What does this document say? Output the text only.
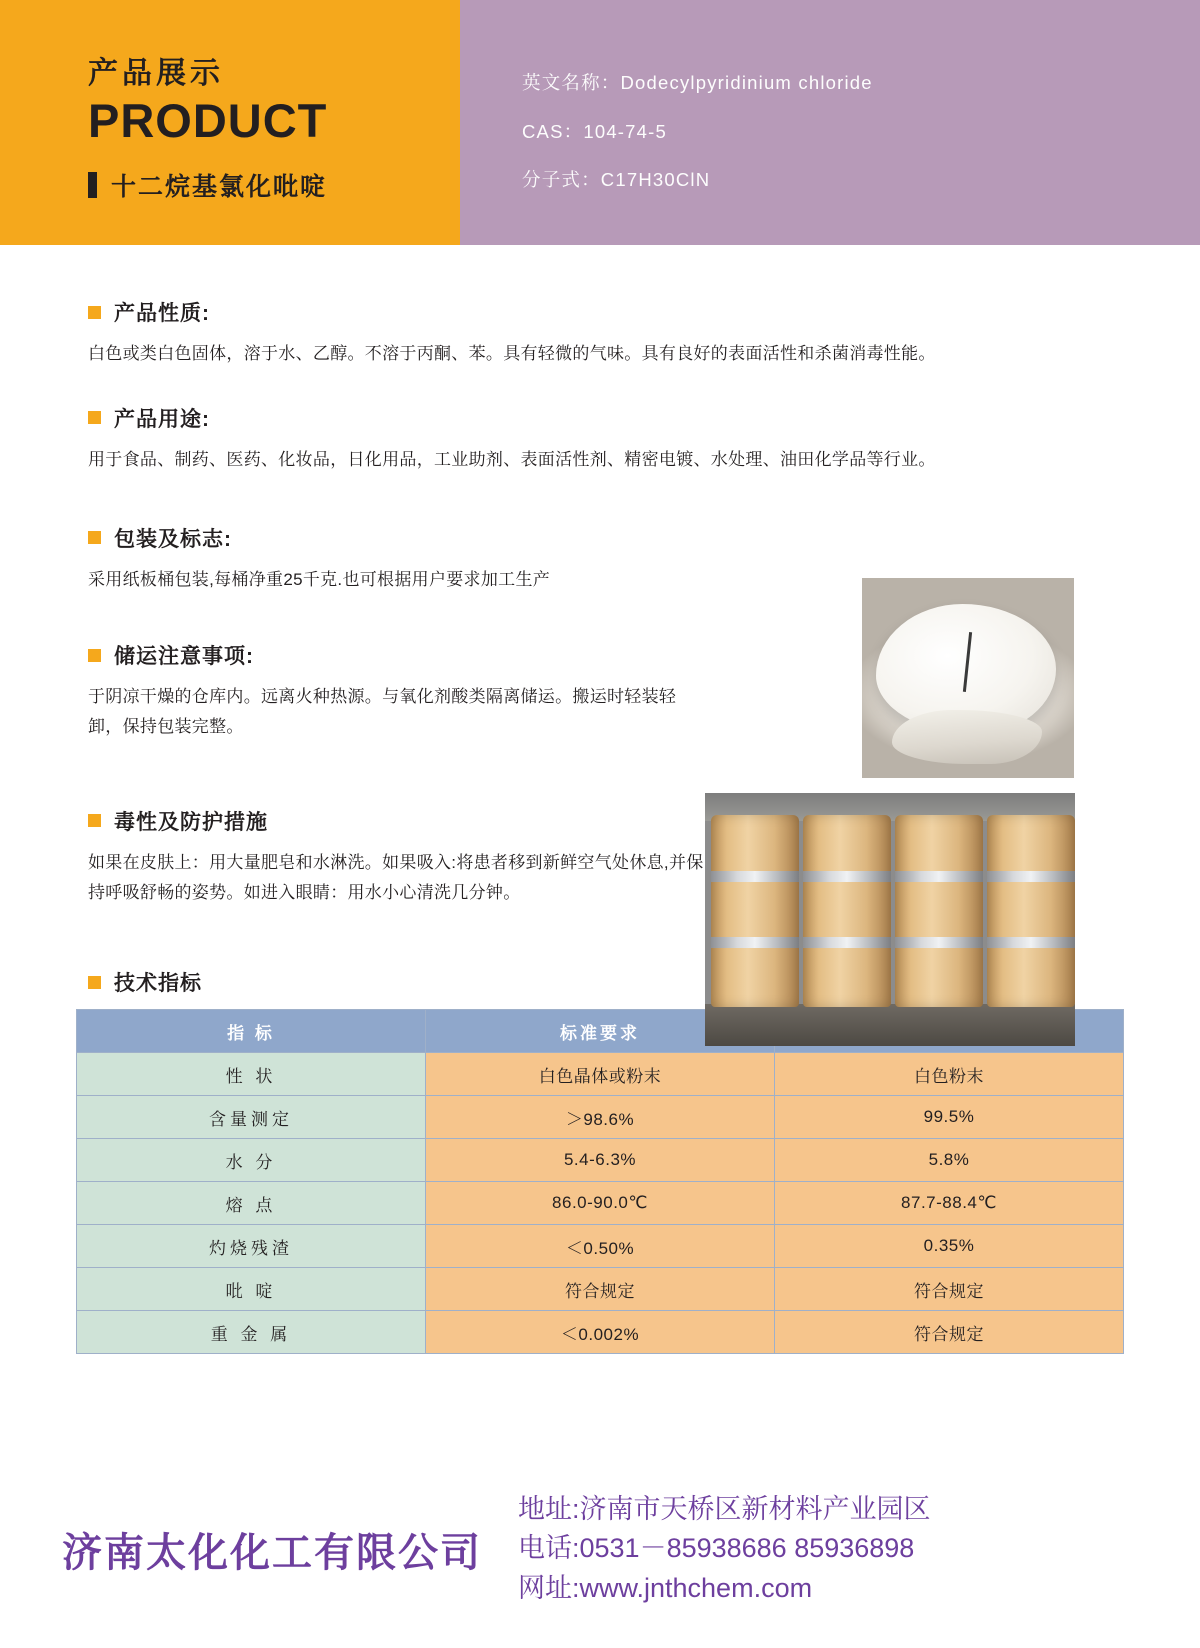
产品展示
PRODUCT
十二烷基氯化吡啶
英文名称：Dodecylpyridinium chloride
CAS：104-74-5
分子式：C17H30ClN
产品性质:
白色或类白色固体，溶于水、乙醇。不溶于丙酮、苯。具有轻微的气味。具有良好的表面活性和杀菌消毒性能。
产品用途:
用于食品、制药、医药、化妆品，日化用品，工业助剂、表面活性剂、精密电镀、水处理、油田化学品等行业。
包装及标志:
采用纸板桶包装,每桶净重25千克.也可根据用户要求加工生产
储运注意事项:
于阴凉干燥的仓库内。远离火种热源。与氧化剂酸类隔离储运。搬运时轻装轻卸，保持包装完整。
毒性及防护措施
如果在皮肤上：用大量肥皂和水淋洗。如果吸入:将患者移到新鲜空气处休息,并保持呼吸舒畅的姿势。如进入眼睛：用水小心清洗几分钟。
技术指标
指 标	标准要求	
性 状	白色晶体或粉末	白色粉末
含量测定	＞98.6%	99.5%
水 分	5.4-6.3%	5.8%
熔 点	86.0-90.0℃	87.7-88.4℃
灼烧残渣	＜0.50%	0.35%
吡 啶	符合规定	符合规定
重 金 属	＜0.002%	符合规定
济南太化化工有限公司
地址:济南市天桥区新材料产业园区
电话:0531－85938686 85936898
网址:www.jnthchem.com
